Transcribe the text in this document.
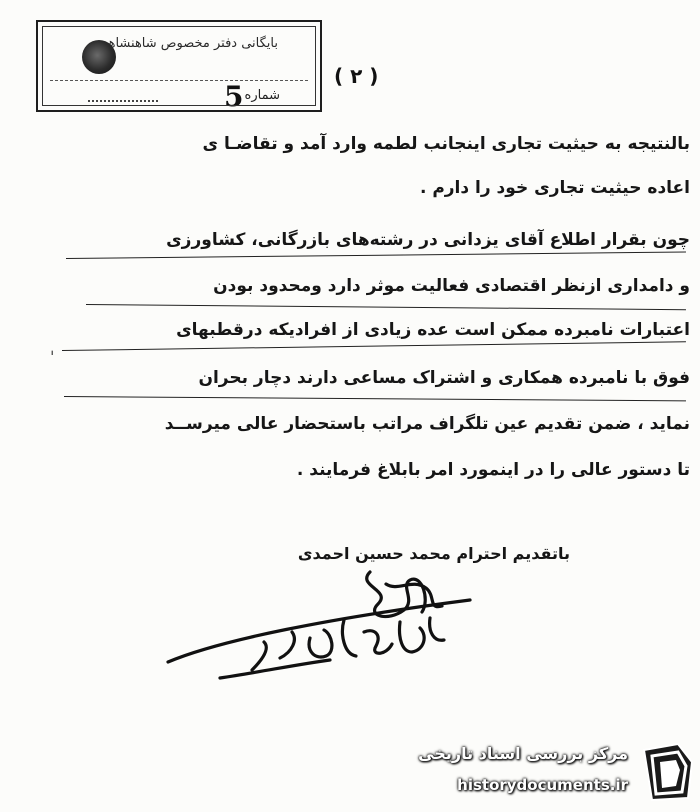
بایگانی دفتر مخصوص شاهنشاهی
شماره
5
( ۲ )
بالنتیجه به حیثیت تجاری اینجانب لطمه وارد آمد و تقاضـا ی
اعاده حیثیت تجاری خود را دارم .
چون بقرار اطلاع آقای یزدانی در رشته‌های بازرگانی، کشاورزی
و دامداری ازنظر اقتصادی فعالیت موثر دارد ومحدود بودن
اعتبارات نامبرده ممکن است عده زیادی از افرادیکه درقطبهای
فوق با نامبرده همکاری و اشتراک مساعی دارند دچار بحران
نماید ، ضمن تقدیم عین تلگراف مراتب باستحضار عالی میرســد
تا دستور عالی را در اینمورد امر بابلاغ فرمایند .
ˈ
باتقدیم احترام محمد حسین احمدی
مرکز بررسی اسناد تاریخی
historydocuments.ir
